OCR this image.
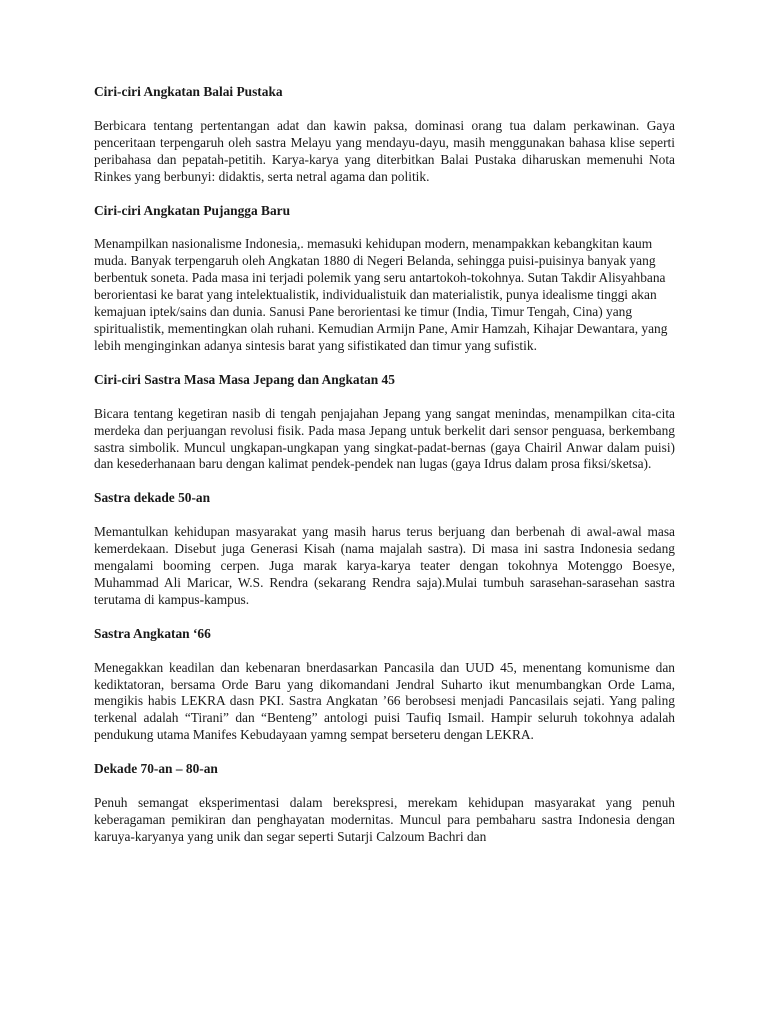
Ciri-ciri Angkatan Balai Pustaka

Berbicara tentang pertentangan adat dan kawin paksa, dominasi orang tua dalam perkawinan. Gaya penceritaan terpengaruh oleh sastra Melayu yang mendayu-dayu, masih menggunakan bahasa klise seperti peribahasa dan pepatah-petitih. Karya-karya yang diterbitkan Balai Pustaka diharuskan memenuhi Nota Rinkes yang berbunyi: didaktis, serta netral agama dan politik.

Ciri-ciri Angkatan Pujangga Baru

Menampilkan nasionalisme Indonesia,. memasuki kehidupan modern, menampakkan kebangkitan kaum muda. Banyak terpengaruh oleh Angkatan 1880 di Negeri Belanda, sehingga puisi-puisinya banyak yang berbentuk soneta. Pada masa ini terjadi polemik yang seru antartokoh-tokohnya. Sutan Takdir Alisyahbana berorientasi ke barat yang intelektualistik, individualistuik dan materialistik, punya idealisme tinggi akan kemajuan iptek/sains dan dunia. Sanusi Pane berorientasi ke timur (India, Timur Tengah, Cina) yang spiritualistik, mementingkan olah ruhani. Kemudian Armijn Pane, Amir Hamzah, Kihajar Dewantara, yang lebih menginginkan adanya sintesis barat yang sifistikated dan timur yang sufistik.

Ciri-ciri Sastra Masa Masa Jepang dan Angkatan 45

Bicara tentang kegetiran nasib di tengah penjajahan Jepang yang sangat menindas, menampilkan cita-cita merdeka dan perjuangan revolusi fisik. Pada masa Jepang untuk berkelit dari sensor penguasa, berkembang sastra simbolik. Muncul ungkapan-ungkapan yang singkat-padat-bernas (gaya Chairil Anwar dalam puisi) dan kesederhanaan baru dengan kalimat pendek-pendek nan lugas (gaya Idrus dalam prosa fiksi/sketsa).

Sastra dekade 50-an

Memantulkan kehidupan masyarakat yang masih harus terus berjuang dan berbenah di awal-awal masa kemerdekaan. Disebut juga Generasi Kisah (nama majalah sastra). Di masa ini sastra Indonesia sedang mengalami booming cerpen. Juga marak karya-karya teater dengan tokohnya Motenggo Boesye, Muhammad Ali Maricar, W.S. Rendra (sekarang Rendra saja).Mulai tumbuh sarasehan-sarasehan sastra terutama di kampus-kampus.

Sastra Angkatan ‘66

Menegakkan keadilan dan kebenaran bnerdasarkan Pancasila dan UUD 45, menentang komunisme dan kediktatoran, bersama Orde Baru yang dikomandani Jendral Suharto ikut menumbangkan Orde Lama, mengikis habis LEKRA dasn PKI. Sastra Angkatan ’66 berobsesi menjadi Pancasilais sejati. Yang paling terkenal adalah “Tirani” dan “Benteng” antologi puisi Taufiq Ismail. Hampir seluruh tokohnya adalah pendukung utama Manifes Kebudayaan yamng sempat berseteru dengan LEKRA.

Dekade 70-an – 80-an

Penuh semangat eksperimentasi dalam berekspresi, merekam kehidupan masyarakat yang penuh keberagaman pemikiran dan penghayatan modernitas. Muncul para pembaharu sastra Indonesia dengan karuya-karyanya yang unik dan segar seperti Sutarji Calzoum Bachri dan
